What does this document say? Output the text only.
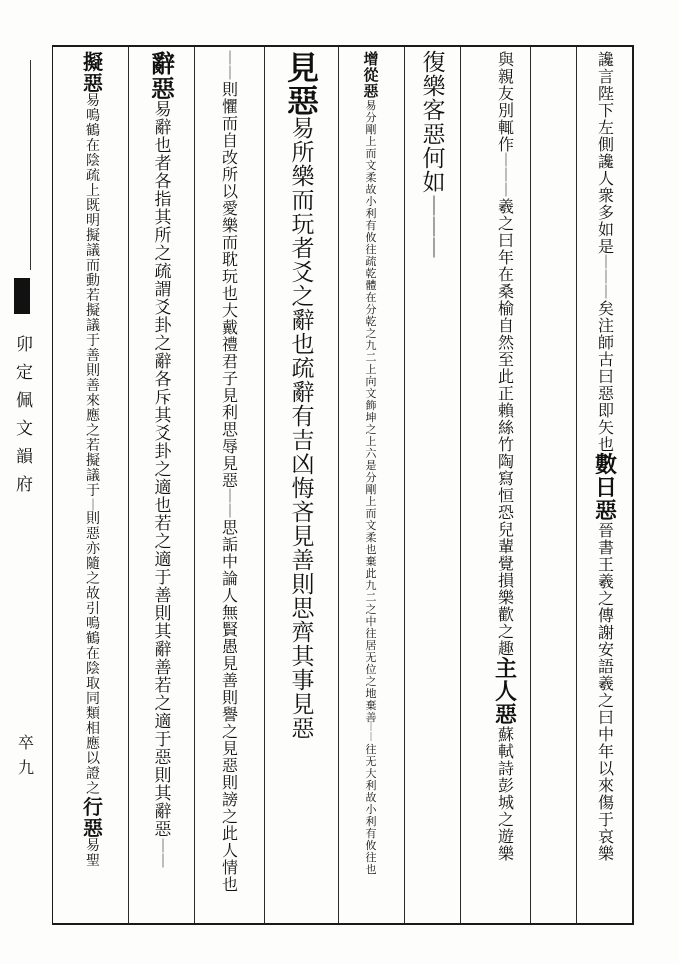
卯
定
佩
文
韻
府
卒
九
讒
言
陛
下
左
側
讒
人
衆
多
如
是
｜
｜
｜
矣
注
師
古
曰
惡
即
矢
也
數
日
惡
晉
書
王
羲
之
傳
謝
安
語
羲
之
曰
中
年
以
來
傷
于
哀
樂
與
親
友
別
輒
作
｜
｜
｜
羲
之
曰
年
在
桑
榆
自
然
至
此
正
賴
絲
竹
陶
寫
恒
恐
兒
輩
覺
損
樂
歡
之
趣
主
人
惡
蘇
軾
詩
彭
城
之
遊
樂
復
樂
客
惡
何
如
｜
｜
｜
增
從
惡
易
分
剛
上
而
文
柔
故
小
利
有
攸
往
疏
乾
體
在
分
乾
之
九
二
上
向
文
飾
坤
之
上
六
是
分
剛
上
而
文
柔
也
棄
此
九
二
之
中
往
居
无
位
之
地
棄
善
｜
｜
往
无
大
利
故
小
利
有
攸
往
也
見
惡
易
所
樂
而
玩
者
爻
之
辭
也
疏
辭
有
吉
凶
悔
吝
見
善
則
思
齊
其
事
見
惡
｜
｜
則
懼
而
自
改
所
以
愛
樂
而
耽
玩
也
大
戴
禮
君
子
見
利
思
辱
見
惡
｜
｜
思
詬
中
論
人
無
賢
愚
見
善
則
譽
之
見
惡
則
謗
之
此
人
情
也
辭
惡
易
辭
也
者
各
指
其
所
之
疏
謂
爻
卦
之
辭
各
斥
其
爻
卦
之
適
也
若
之
適
于
善
則
其
辭
善
若
之
適
于
惡
則
其
辭
惡
｜
｜
擬
惡
易
鳴
鶴
在
陰
疏
上
既
明
擬
議
而
動
若
擬
議
于
善
則
善
來
應
之
若
擬
議
于
｜
則
惡
亦
隨
之
故
引
鳴
鶴
在
陰
取
同
類
相
應
以
證
之
行
惡
易
聖
